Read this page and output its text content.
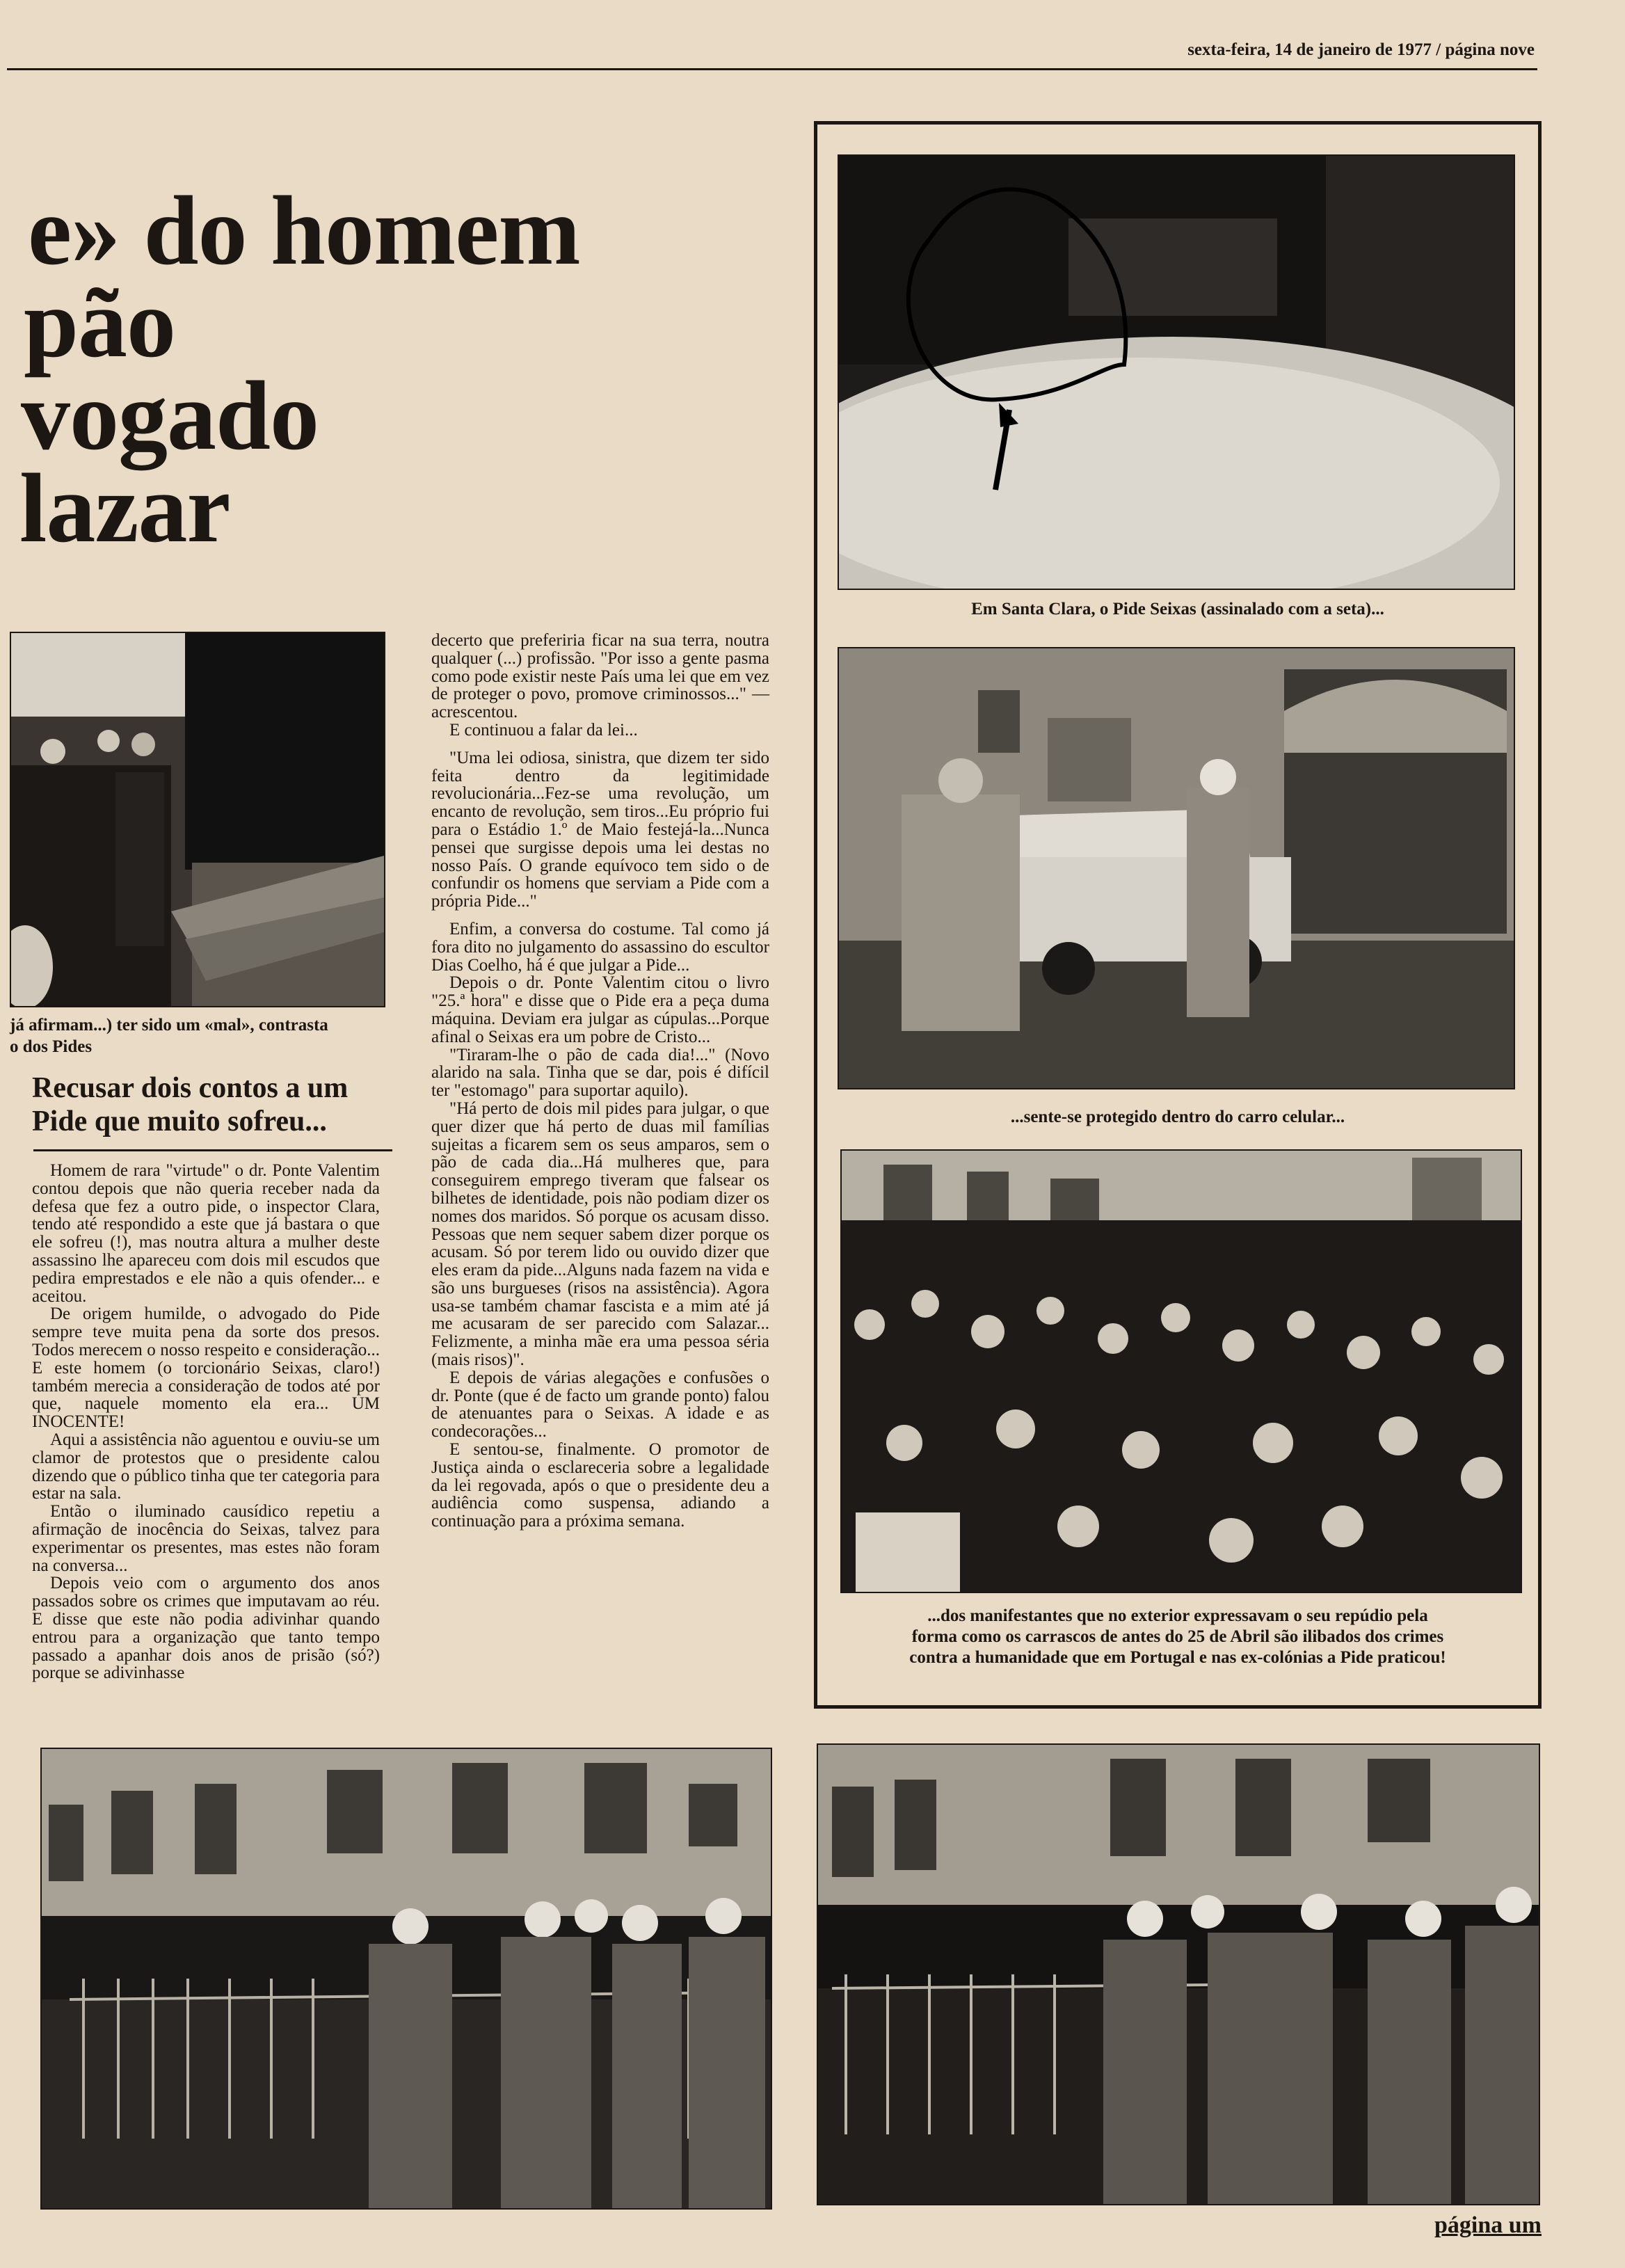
sexta-feira, 14 de janeiro de 1977 / página nove
e» do homem
pão
vogado
lazar
já afirmam...) ter sido um «mal», contrasta
o dos Pides
Recusar dois contos a um Pide que muito sofreu...

Homem de rara "virtude" o dr. Ponte Valentim contou depois que não queria receber nada da defesa que fez a outro pide, o inspector Clara, tendo até respondido a este que já bastara o que ele sofreu (!), mas noutra altura a mulher deste assassino lhe apareceu com dois mil escudos que pedira emprestados e ele não a quis ofender... e aceitou.

De origem humilde, o advogado do Pide sempre teve muita pena da sorte dos presos. Todos merecem o nosso respeito e consideração... E este homem (o torcionário Seixas, claro!) também merecia a consideração de todos até por que, naquele momento ela era... UM INOCENTE!

Aqui a assistência não aguentou e ouviu-se um clamor de protestos que o presidente calou dizendo que o público tinha que ter categoria para estar na sala.

Então o iluminado causídico repetiu a afirmação de inocência do Seixas, talvez para experimentar os presentes, mas estes não foram na conversa...

Depois veio com o argumento dos anos passados sobre os crimes que imputavam ao réu. E disse que este não podia adivinhar quando entrou para a organização que tanto tempo passado a apanhar dois anos de prisão (só?) porque se adivinhasse

decerto que preferiria ficar na sua terra, noutra qualquer (...) profissão. "Por isso a gente pasma como pode existir neste País uma lei que em vez de proteger o povo, promove criminossos..." — acrescentou.

E continuou a falar da lei...

"Uma lei odiosa, sinistra, que dizem ter sido feita dentro da legitimidade revolucionária...Fez-se uma revolução, um encanto de revolução, sem tiros...Eu próprio fui para o Estádio 1.º de Maio festejá-la...Nunca pensei que surgisse depois uma lei destas no nosso País. O grande equívoco tem sido o de confundir os homens que serviam a Pide com a própria Pide..."

Enfim, a conversa do costume. Tal como já fora dito no julgamento do assassino do escultor Dias Coelho, há é que julgar a Pide...

Depois o dr. Ponte Valentim citou o livro "25.ª hora" e disse que o Pide era a peça duma máquina. Deviam era julgar as cúpulas...Porque afinal o Seixas era um pobre de Cristo...

"Tiraram-lhe o pão de cada dia!..." (Novo alarido na sala. Tinha que se dar, pois é difícil ter "estomago" para suportar aquilo).

"Há perto de dois mil pides para julgar, o que quer dizer que há perto de duas mil famílias sujeitas a ficarem sem os seus amparos, sem o pão de cada dia...Há mulheres que, para conseguirem emprego tiveram que falsear os bilhetes de identidade, pois não podiam dizer os nomes dos maridos. Só porque os acusam disso. Pessoas que nem sequer sabem dizer porque os acusam. Só por terem lido ou ouvido dizer que eles eram da pide...Alguns nada fazem na vida e são uns burgueses (risos na assistência). Agora usa-se também chamar fascista e a mim até já me acusaram de ser parecido com Salazar... Felizmente, a minha mãe era uma pessoa séria (mais risos)".

E depois de várias alegações e confusões o dr. Ponte (que é de facto um grande ponto) falou de atenuantes para o Seixas. A idade e as condecorações...

E sentou-se, finalmente. O promotor de Justiça ainda o esclareceria sobre a legalidade da lei regovada, após o que o presidente deu a audiência como suspensa, adiando a continuação para a próxima semana.

Em Santa Clara, o Pide Seixas (assinalado com a seta)...
...sente-se protegido dentro do carro celular...
...dos manifestantes que no exterior expressavam o seu repúdio pela
forma como os carrascos de antes do 25 de Abril são ilibados dos crimes
contra a humanidade que em Portugal e nas ex-colónias a Pide praticou!
página um
